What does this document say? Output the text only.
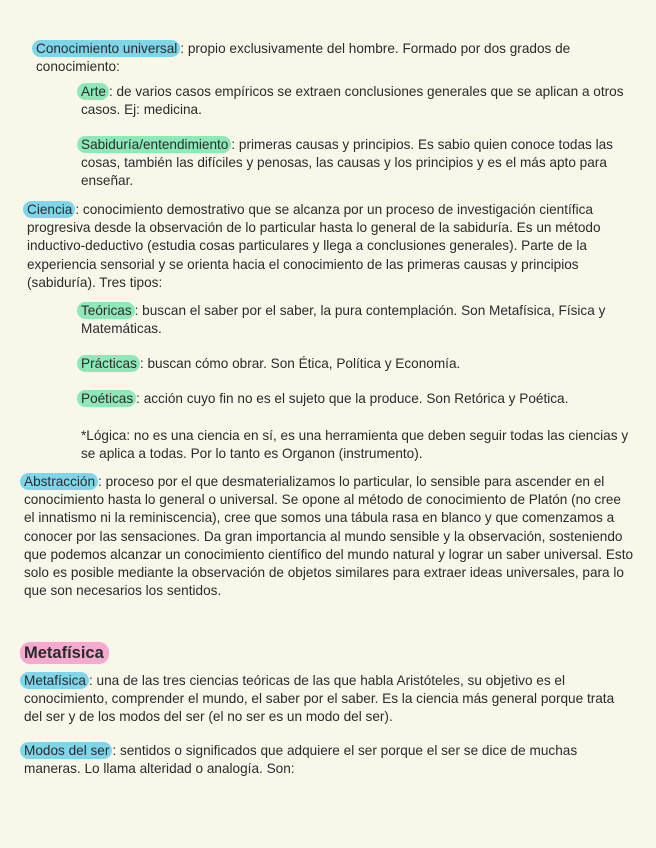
Conocimiento universal : propio exclusivamente del hombre. Formado por dos grados de conocimiento:

Arte : de varios casos empíricos se extraen conclusiones generales que se aplican a otros casos. Ej: medicina.

Sabiduría/entendimiento : primeras causas y principios. Es sabio quien conoce todas las cosas, también las difíciles y penosas, las causas y los principios y es el más apto para enseñar.

Ciencia : conocimiento demostrativo que se alcanza por un proceso de investigación científica progresiva desde la observación de lo particular hasta lo general de la sabiduría. Es un método inductivo-deductivo (estudia cosas particulares y llega a conclusiones generales). Parte de la experiencia sensorial y se orienta hacia el conocimiento de las primeras causas y principios (sabiduría). Tres tipos:

Teóricas : buscan el saber por el saber, la pura contemplación. Son Metafísica, Física y Matemáticas.

Prácticas : buscan cómo obrar. Son Ética, Política y Economía.

Poéticas : acción cuyo fin no es el sujeto que la produce. Son Retórica y Poética.

*Lógica: no es una ciencia en sí, es una herramienta que deben seguir todas las ciencias y se aplica a todas. Por lo tanto es Organon (instrumento).

Abstracción : proceso por el que desmaterializamos lo particular, lo sensible para ascender en el conocimiento hasta lo general o universal. Se opone al método de conocimiento de Platón (no cree el innatismo ni la reminiscencia), cree que somos una tábula rasa en blanco y que comenzamos a conocer por las sensaciones. Da gran importancia al mundo sensible y la observación, sosteniendo que podemos alcanzar un conocimiento científico del mundo natural y lograr un saber universal. Esto solo es posible mediante la observación de objetos similares para extraer ideas universales, para lo que son necesarios los sentidos.

Metafísica

Metafísica : una de las tres ciencias teóricas de las que habla Aristóteles, su objetivo es el conocimiento, comprender el mundo, el saber por el saber. Es la ciencia más general porque trata del ser y de los modos del ser (el no ser es un modo del ser).

Modos del ser : sentidos o significados que adquiere el ser porque el ser se dice de muchas maneras. Lo llama alteridad o analogía. Son:
